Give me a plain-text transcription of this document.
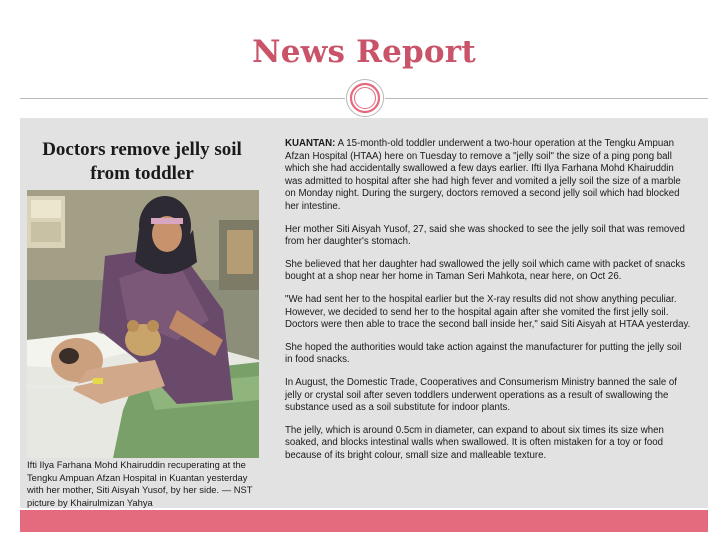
News Report
Doctors remove jelly soil from toddler

Ifti Ilya Farhana Mohd Khairuddin recuperating at the Tengku Ampuan Afzan Hospital in Kuantan yesterday with her mother, Siti Aisyah Yusof, by her side. — NST picture by Khairulmizan Yahya

KUANTAN: A 15-month-old toddler underwent a two-hour operation at the Tengku Ampuan Afzan Hospital (HTAA) here on Tuesday to remove a "jelly soil" the size of a ping pong ball which she had accidentally swallowed a few days earlier. Ifti Ilya Farhana Mohd Khairuddin was admitted to hospital after she had high fever and vomited a jelly soil the size of a marble on Monday night. During the surgery, doctors removed a second jelly soil which had blocked her intestine.

Her mother Siti Aisyah Yusof, 27, said she was shocked to see the jelly soil that was removed from her daughter's stomach.

She believed that her daughter had swallowed the jelly soil which came with packet of snacks bought at a shop near her home in Taman Seri Mahkota, near here, on Oct 26.

"We had sent her to the hospital earlier but the X-ray results did not show anything peculiar. However, we decided to send her to the hospital again after she vomited the first jelly soil. Doctors were then able to trace the second ball inside her," said Siti Aisyah at HTAA yesterday.

She hoped the authorities would take action against the manufacturer for putting the jelly soil in food snacks.

In August, the Domestic Trade, Cooperatives and Consumerism Ministry banned the sale of jelly or crystal soil after seven toddlers underwent operations as a result of swallowing the substance used as a soil substitute for indoor plants.

The jelly, which is around 0.5cm in diameter, can expand to about six times its size when soaked, and blocks intestinal walls when swallowed. It is often mistaken for a toy or food because of its bright colour, small size and malleable texture.
